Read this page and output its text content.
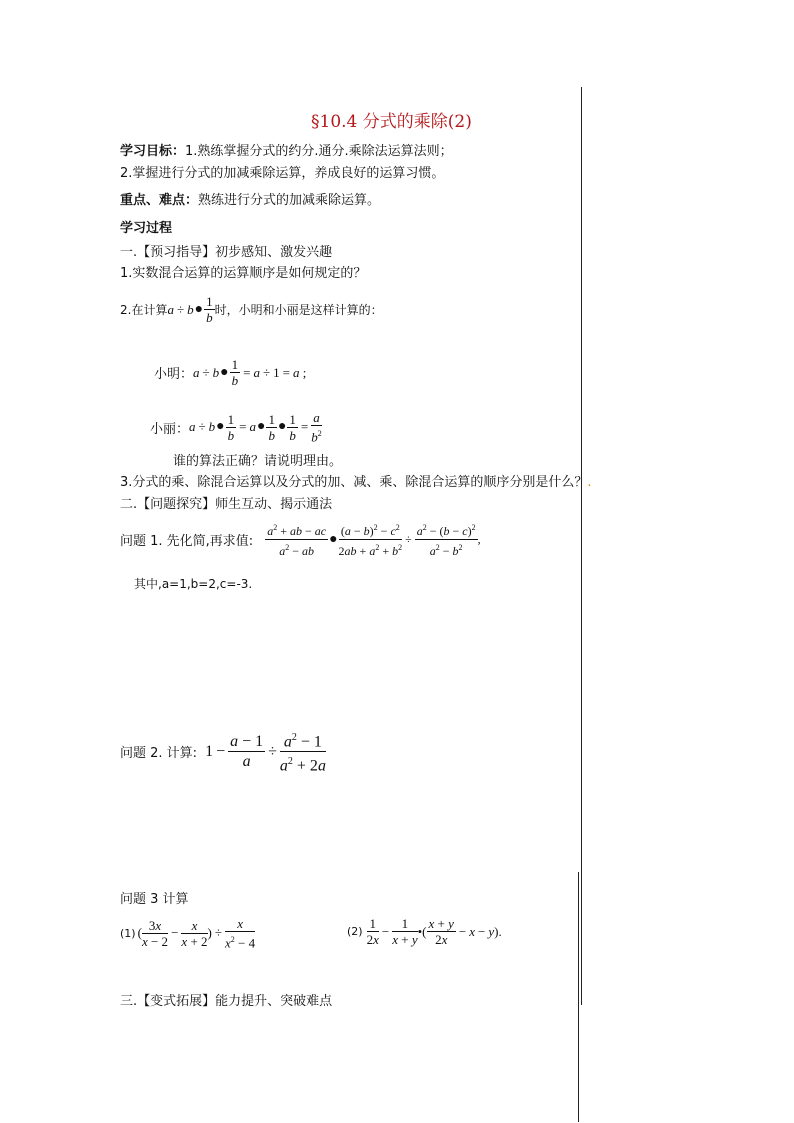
§10.4 分式的乘除(2)
学习目标：1.熟练掌握分式的约分.通分.乘除法运算法则；
2.掌握进行分式的加减乘除运算，养成良好的运算习惯。
重点、难点：熟练进行分式的加减乘除运算。
学习过程
一.【预习指导】初步感知、激发兴趣
1.实数混合运算的运算顺序是如何规定的？
2.在计算 a ÷ b ● $\frac{1}{b}$ 时，小明和小丽是这样计算的：
小明： a ÷ b ● $\frac{1}{b} = a \div 1 = a$ ;
小丽： a ÷ b ● $\frac{1}{b} = a$ ● $\frac{1}{b}$ ● $\frac{1}{b} = \frac{a}{b^2}$
谁的算法正确？请说明理由。
3.分式的乘、除混合运算以及分式的加、减、乘、除混合运算的顺序分别是什么？.
二.【问题探究】师生互动、揭示通法
问题 1. 先化简,再求值: $\frac{a^2 + ab - ac}{a^2 - ab}$ ● $\frac{(a - b)^2 - c^2}{2ab + a^2 + b^2} \div \frac{a^2 - (b - c)^2}{a^2 - b^2}$ ,
其中,a=1,b=2,c=-3.
问题 2. 计算: $1 - \frac{a - 1}{a} \div \frac{a^2 - 1}{a^2 + 2a}$
问题 3 计算
(1) ( $\frac{3x}{x - 2} - \frac{x}{x + 2}$ ) ÷ $\frac{x}{x^2 - 4}$	$(2) \frac{1}{2x} - \frac{1}{x + y}$ •( $\frac{x + y}{2x} - x - y$ ).
三.【变式拓展】能力提升、突破难点
